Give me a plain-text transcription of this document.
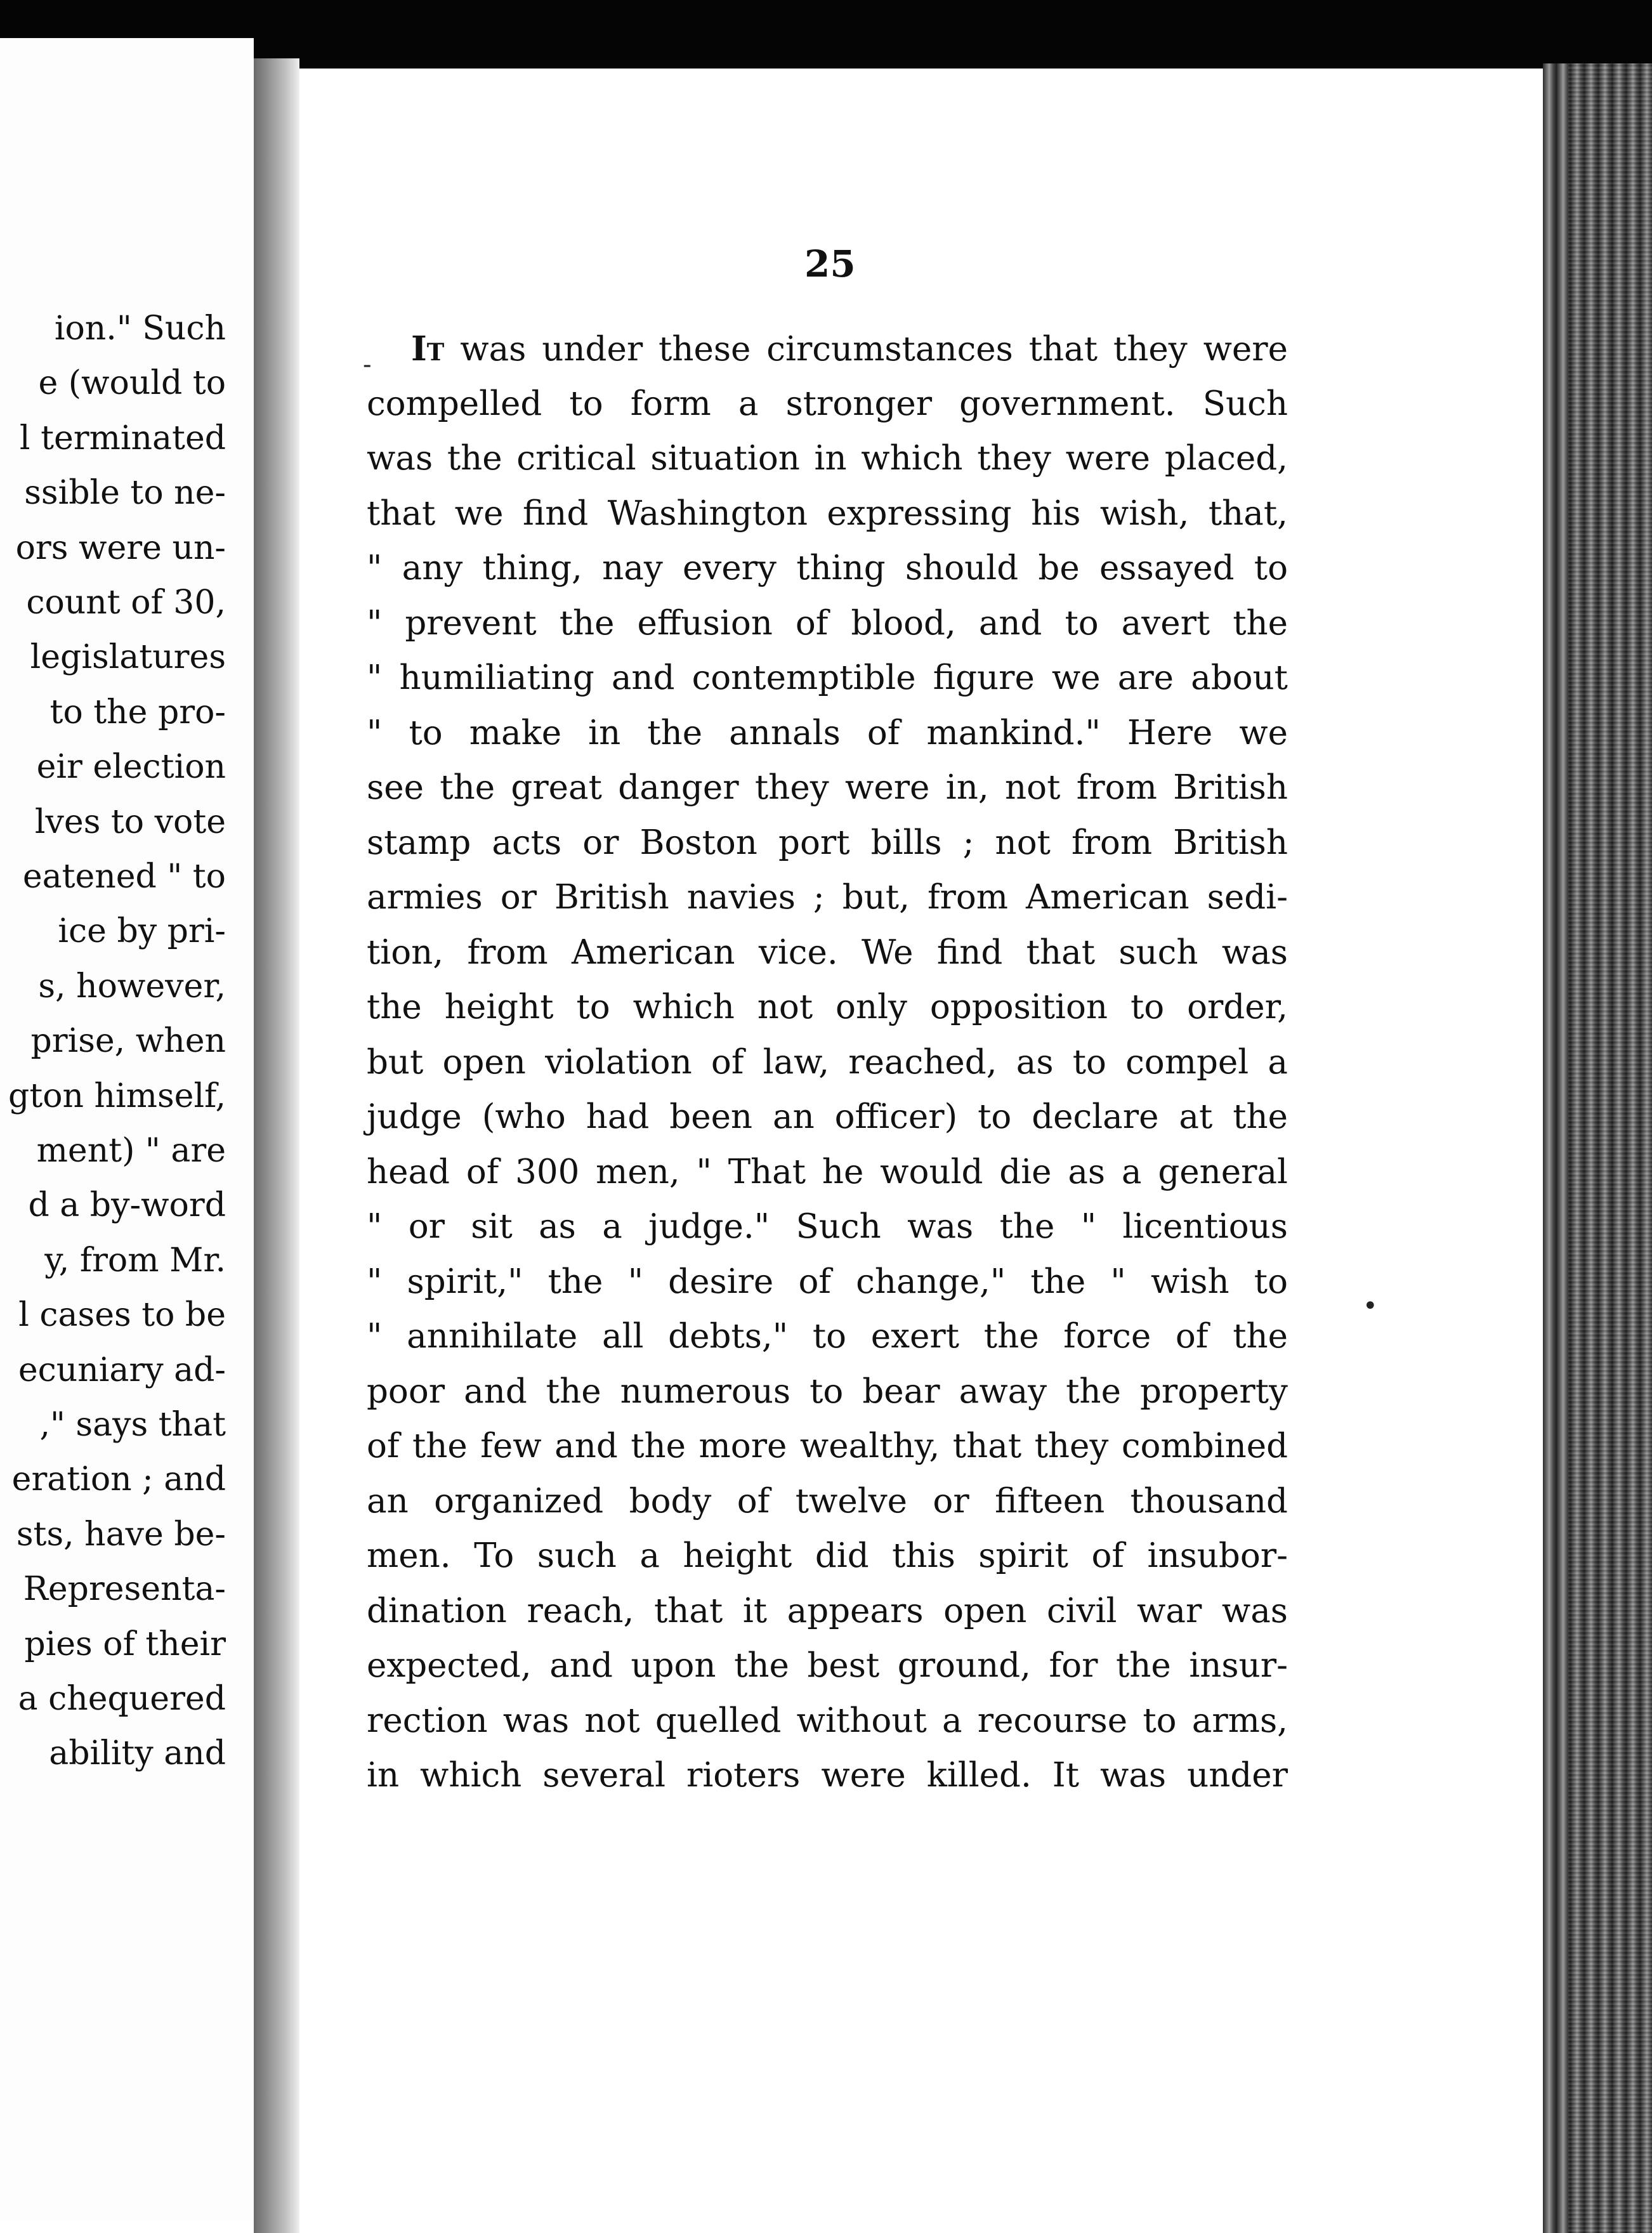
ion." Such
e (would to
l terminated
ssible to ne-
ors were un-
count of 30,
legislatures
to the pro-
eir election
lves to vote
eatened " to
ice by pri-
s, however,
prise, when
gton himself,
ment) " are
d a by-word
y, from Mr.
l cases to be
ecuniary ad-
," says that
eration ; and
sts, have be-
Representa-
pies of their
a chequered
ability and
25
It was under these circumstances that they were
compelled to form a stronger government. Such
was the critical situation in which they were placed,
that we find Washington expressing his wish, that,
" any thing, nay every thing should be essayed to
" prevent the effusion of blood, and to avert the
" humiliating and contemptible figure we are about
" to make in the annals of mankind." Here we
see the great danger they were in, not from British
stamp acts or Boston port bills ; not from British
armies or British navies ; but, from American sedi-
tion, from American vice. We find that such was
the height to which not only opposition to order,
but open violation of law, reached, as to compel a
judge (who had been an officer) to declare at the
head of 300 men, " That he would die as a general
" or sit as a judge." Such was the " licentious
" spirit," the " desire of change," the " wish to
" annihilate all debts," to exert the force of the
poor and the numerous to bear away the property
of the few and the more wealthy, that they combined
an organized body of twelve or fifteen thousand
men. To such a height did this spirit of insubor-
dination reach, that it appears open civil war was
expected, and upon the best ground, for the insur-
rection was not quelled without a recourse to arms,
in which several rioters were killed. It was under
-
•
